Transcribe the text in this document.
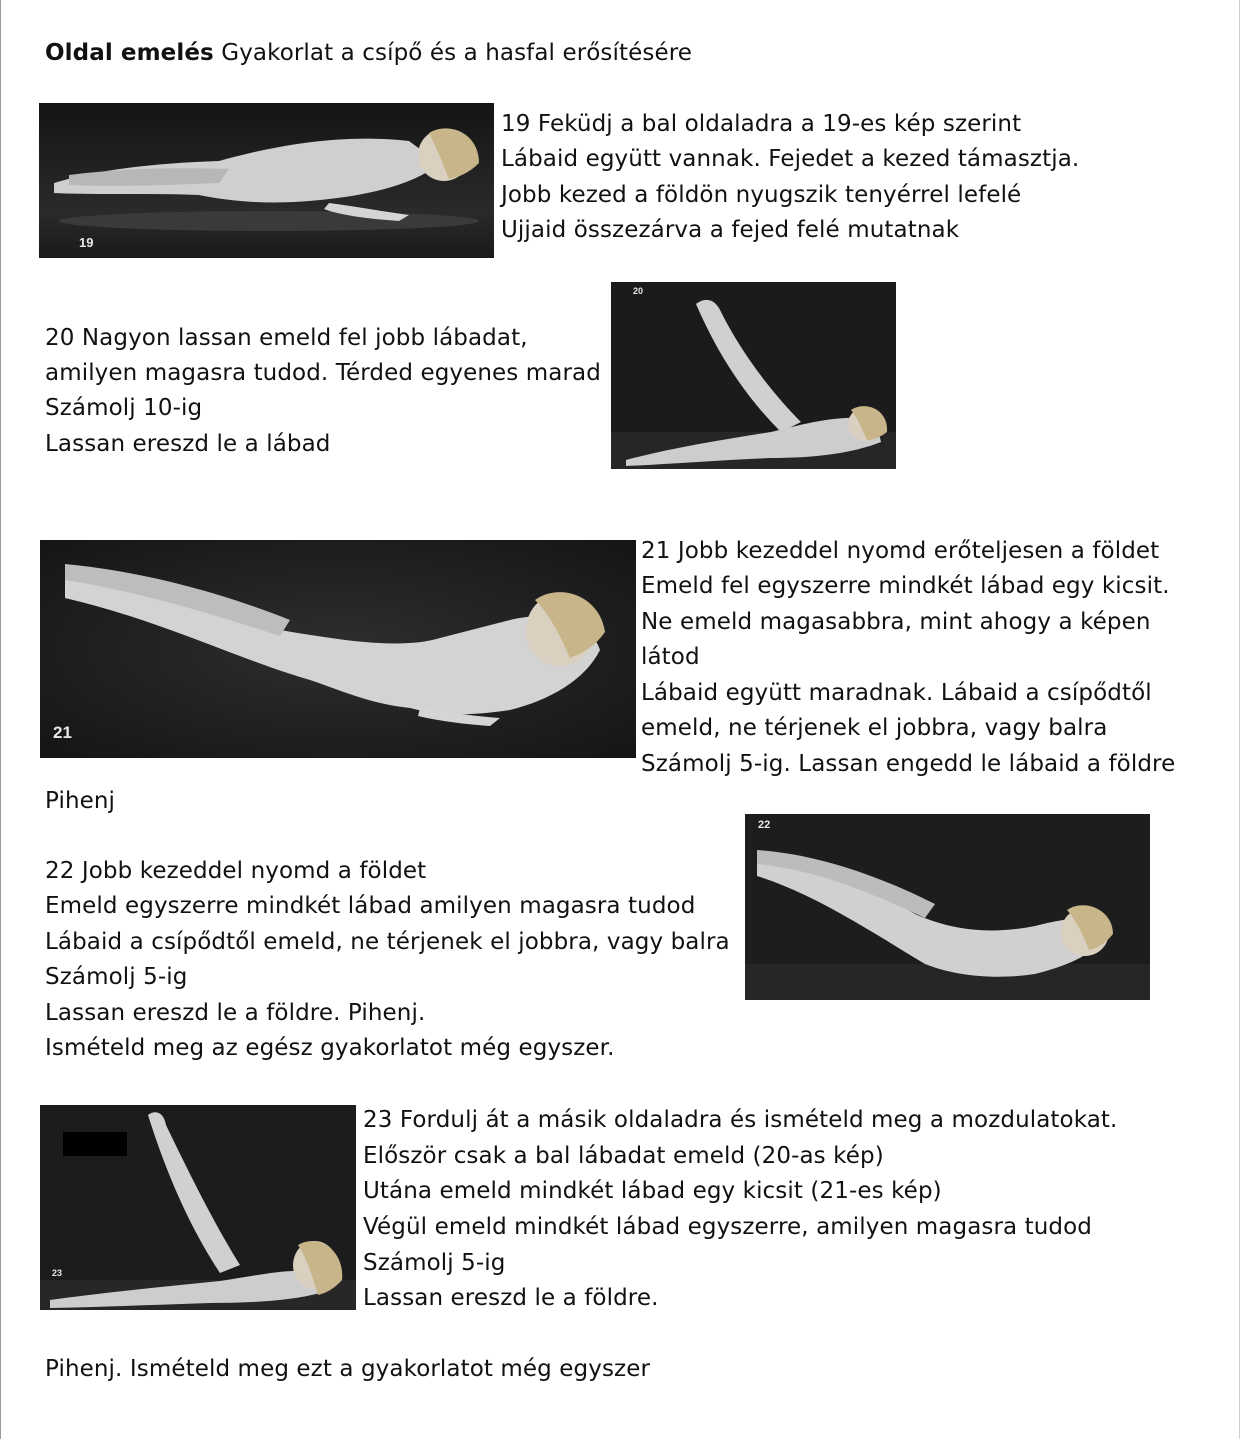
Oldal emelés Gyakorlat a csípő és a hasfal erősítésére
19
19 Feküdj a bal oldaladra a 19-es kép szerint
Lábaid együtt vannak. Fejedet a kezed támasztja.
Jobb kezed a földön nyugszik tenyérrel lefelé
Ujjaid összezárva a fejed felé mutatnak
20 Nagyon lassan emeld fel jobb lábadat,
amilyen magasra tudod. Térded egyenes marad
Számolj 10-ig
Lassan ereszd le a lábad
20
21
21 Jobb kezeddel nyomd erőteljesen a földet
Emeld fel egyszerre mindkét lábad egy kicsit.
Ne emeld magasabbra, mint ahogy a képen
látod
Lábaid együtt maradnak. Lábaid a csípődtől
emeld, ne térjenek el jobbra, vagy balra
Számolj 5-ig. Lassan engedd le lábaid a földre
Pihenj
22 Jobb kezeddel nyomd a földet
Emeld egyszerre mindkét lábad amilyen magasra tudod
Lábaid a csípődtől emeld, ne térjenek el jobbra, vagy balra
Számolj 5-ig
Lassan ereszd le a földre. Pihenj.
Ismételd meg az egész gyakorlatot még egyszer.
22
23
23 Fordulj át a másik oldaladra és ismételd meg a mozdulatokat.
Először csak a bal lábadat emeld (20-as kép)
Utána emeld mindkét lábad egy kicsit (21-es kép)
Végül emeld mindkét lábad egyszerre, amilyen magasra tudod
Számolj 5-ig
Lassan ereszd le a földre.
Pihenj. Ismételd meg ezt a gyakorlatot még egyszer
